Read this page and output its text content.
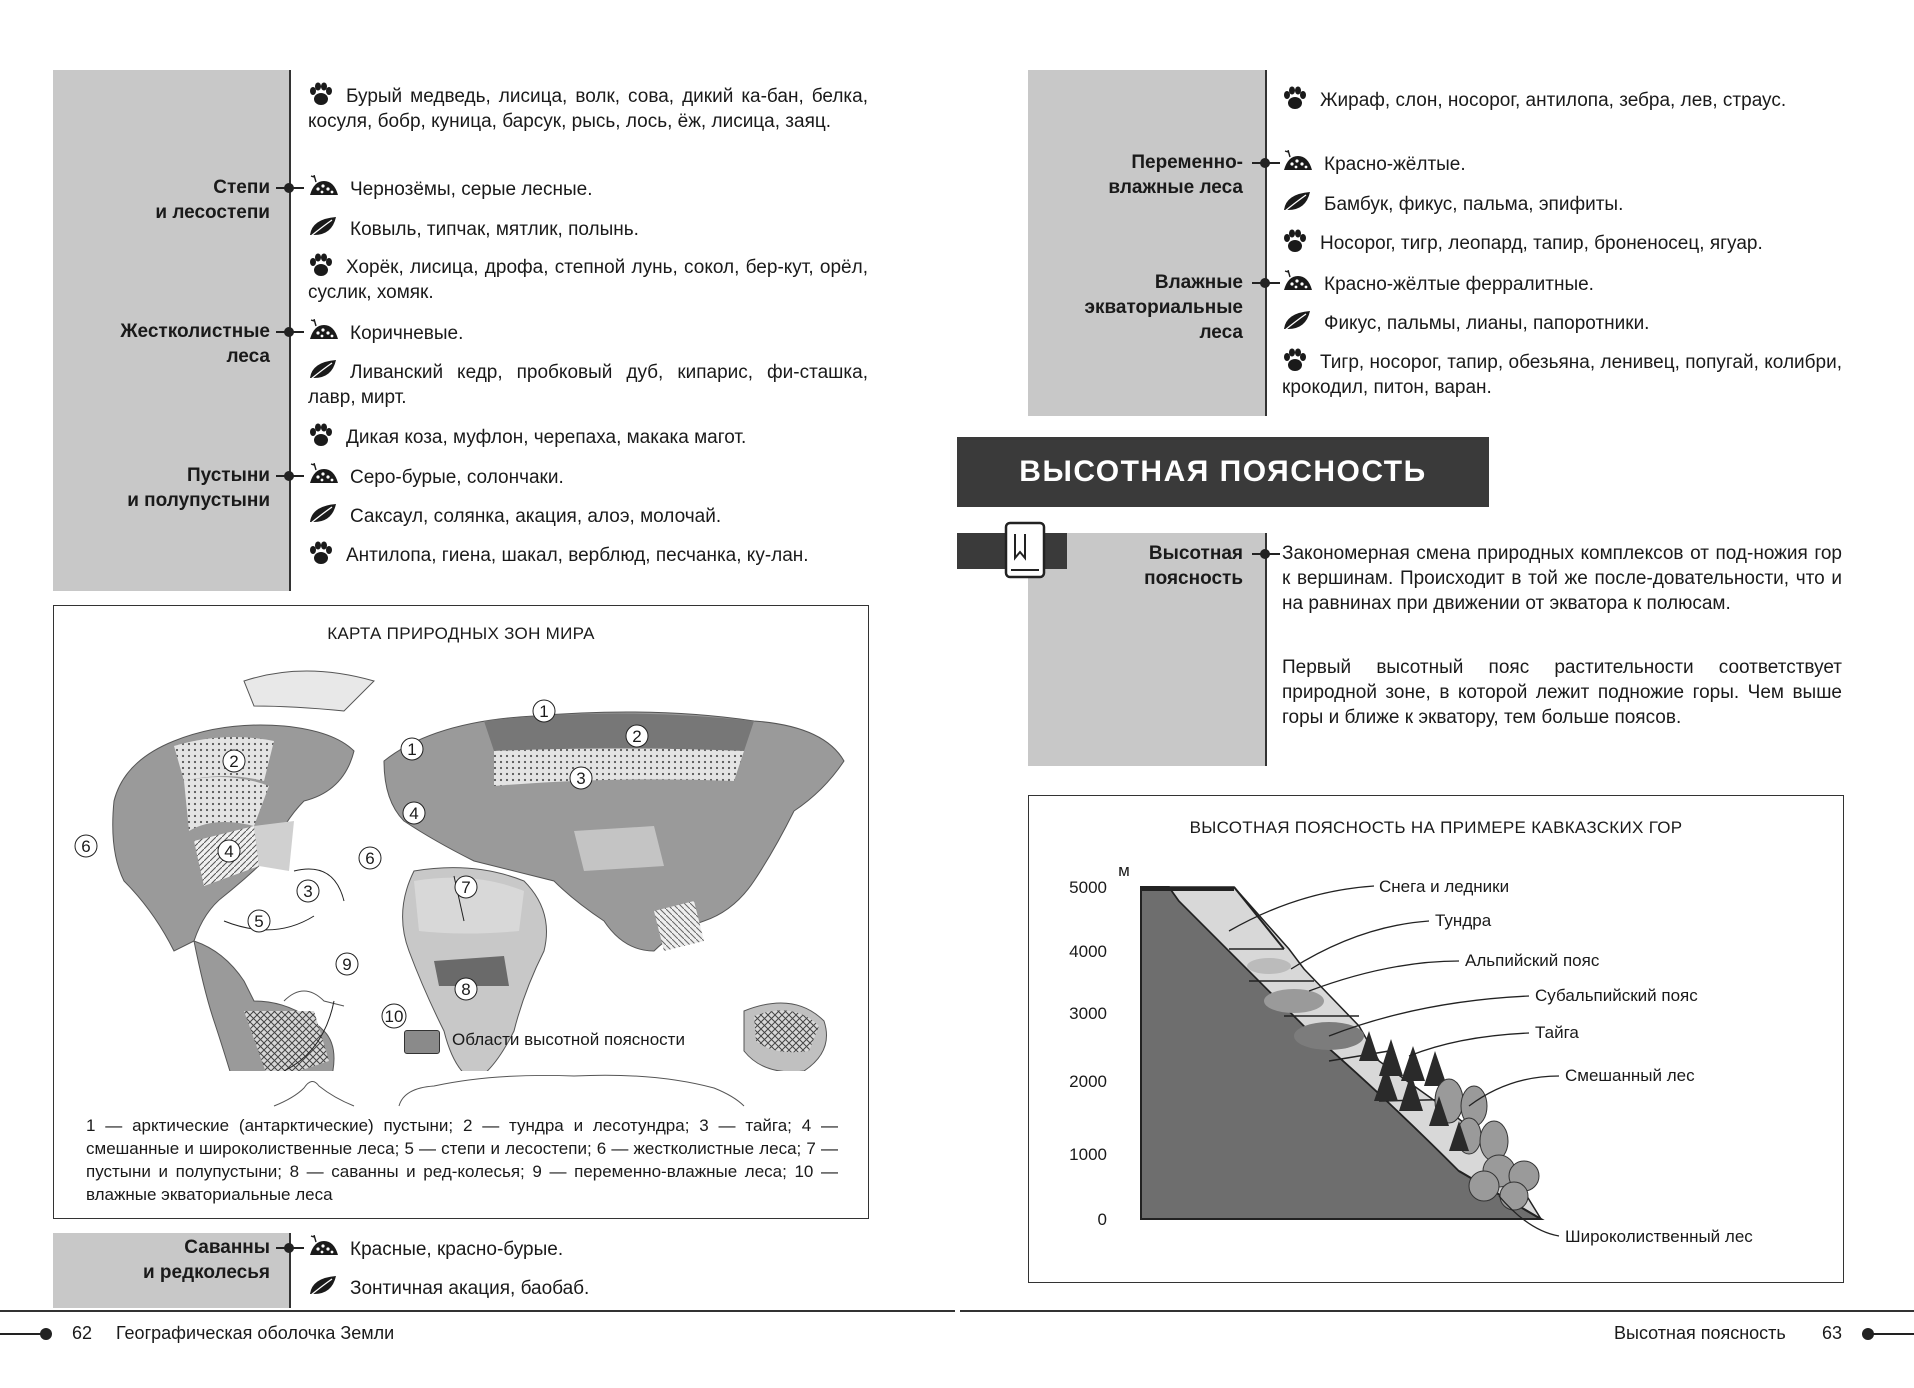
Степи
и лесостепи
Бурый медведь, лисица, волк, сова, дикий ка-бан, белка, косуля, бобр, куница, барсук, рысь, лось, ёж, лисица, заяц.
Чернозёмы, серые лесные.
Ковыль, типчак, мятлик, полынь.
Хорёк, лисица, дрофа, степной лунь, сокол, бер-кут, орёл, суслик, хомяк.
Жестколистные
леса
Коричневые.
Ливанский кедр, пробковый дуб, кипарис, фи-сташка, лавр, мирт.
Дикая коза, муфлон, черепаха, макака магот.
Пустыни
и полупустыни
Серо-бурые, солончаки.
Саксаул, солянка, акация, алоэ, молочай.
Антилопа, гиена, шакал, верблюд, песчанка, ку-лан.
КАРТА ПРИРОДНЫХ ЗОН МИРА
1
2
3
4
5
6
1
2
3
4
6
7
8
9
10
Области высотной поясности
1 — арктические (антарктические) пустыни; 2 — тундра и лесотундра; 3 — тайга; 4 — смешанные и широколиственные леса; 5 — степи и лесостепи; 6 — жестколистные леса; 7 — пустыни и полупустыни; 8 — саванны и ред-колесья; 9 — переменно-влажные леса; 10 — влажные экваториальные леса
Саванны
и редколесья
Красные, красно-бурые.
Зонтичная акация, баобаб.
62 Географическая оболочка Земли
Переменно-
влажные леса
Жираф, слон, носорог, антилопа, зебра, лев, страус.
Красно-жёлтые.
Бамбук, фикус, пальма, эпифиты.
Носорог, тигр, леопард, тапир, броненосец, ягуар.
Влажные
экваториальные
леса
Красно-жёлтые ферралитные.
Фикус, пальмы, лианы, папоротники.
Тигр, носорог, тапир, обезьяна, ленивец, попугай, колибри, крокодил, питон, варан.
ВЫСОТНАЯ ПОЯСНОСТЬ
Высотная
поясность
Закономерная смена природных комплексов от под-ножия гор к вершинам. Происходит в той же после-довательности, что и на равнинах при движении от экватора к полюсам.
Первый высотный пояс растительности соответствует природной зоне, в которой лежит подножие горы. Чем выше горы и ближе к экватору, тем больше поясов.
ВЫСОТНАЯ ПОЯСНОСТЬ НА ПРИМЕРЕ КАВКАЗСКИХ ГОР
м
5000
4000
3000
2000
1000
0
Снега и ледники
Тундра
Альпийский пояс
Субальпийский пояс
Тайга
Смешанный лес
Широколиственный лес
Высотная поясность 63
